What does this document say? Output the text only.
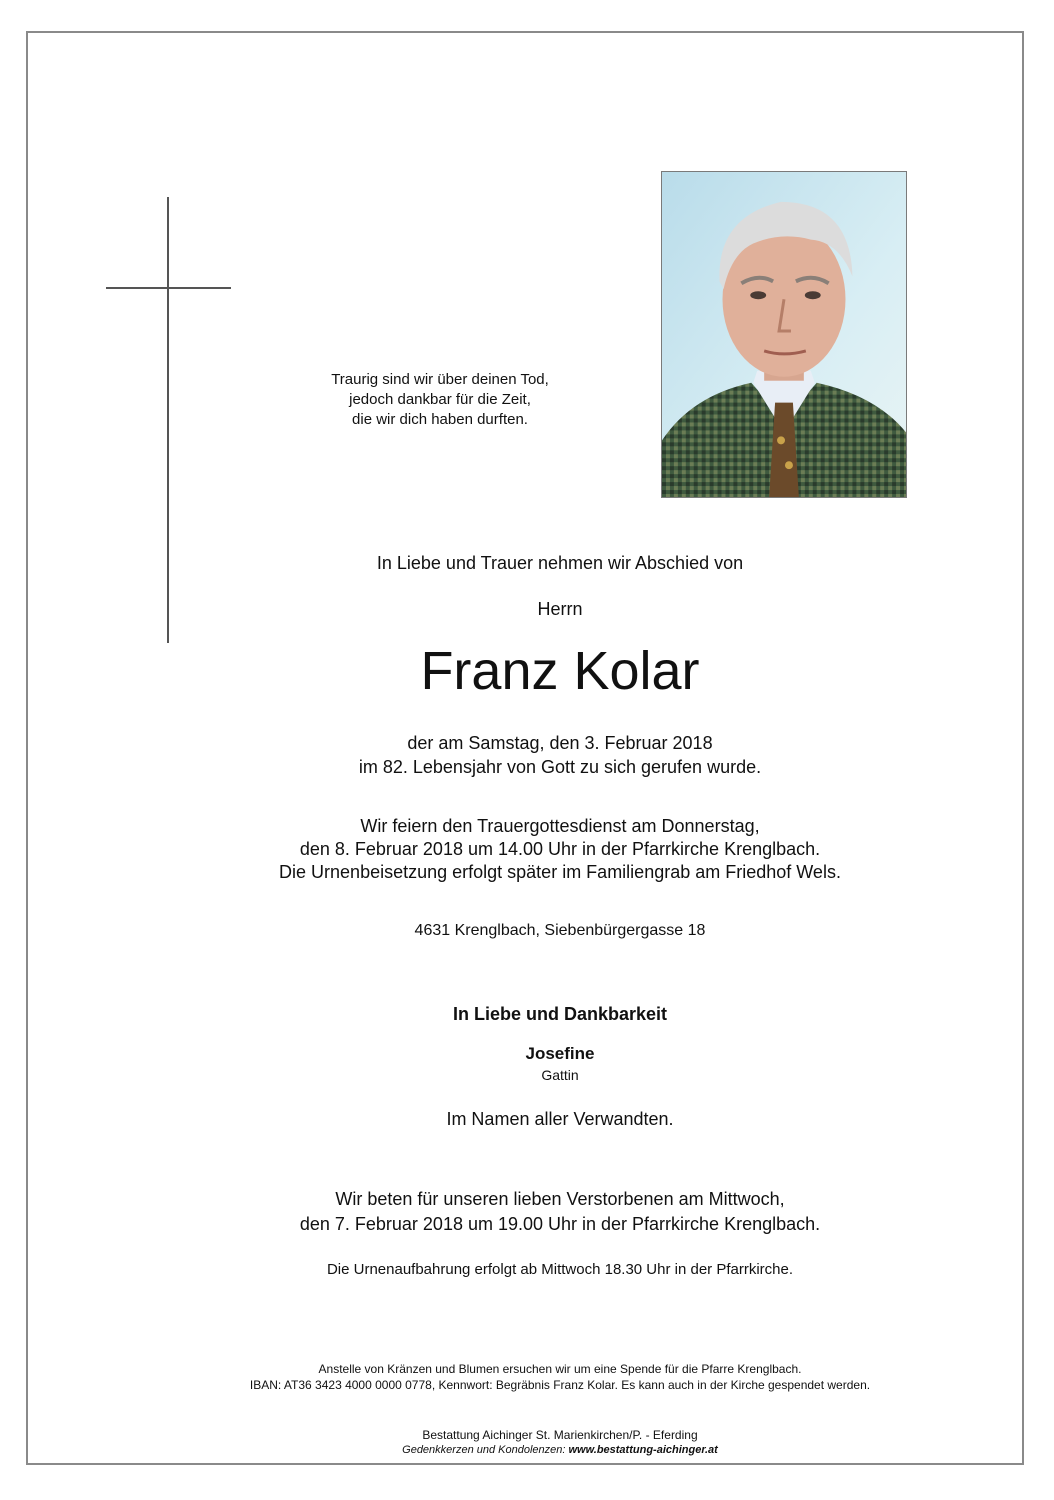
Traurig sind wir über deinen Tod,
jedoch dankbar für die Zeit,
die wir dich haben durften.
In Liebe und Trauer nehmen wir Abschied von
Herrn
Franz Kolar
der am Samstag, den 3. Februar 2018
im 82. Lebensjahr von Gott zu sich gerufen wurde.
Wir feiern den Trauergottesdienst am Donnerstag,
den 8. Februar 2018 um 14.00 Uhr in der Pfarrkirche Krenglbach.
Die Urnenbeisetzung erfolgt später im Familiengrab am Friedhof Wels.
4631 Krenglbach, Siebenbürgergasse 18
In Liebe und Dankbarkeit
Josefine
Gattin
Im Namen aller Verwandten.
Wir beten für unseren lieben Verstorbenen am Mittwoch,
den 7. Februar 2018 um 19.00 Uhr in der Pfarrkirche Krenglbach.
Die Urnenaufbahrung erfolgt ab Mittwoch 18.30 Uhr in der Pfarrkirche.
Anstelle von Kränzen und Blumen ersuchen wir um eine Spende für die Pfarre Krenglbach.
IBAN: AT36 3423 4000 0000 0778, Kennwort: Begräbnis Franz Kolar. Es kann auch in der Kirche gespendet werden.
Bestattung Aichinger St. Marienkirchen/P. - Eferding
Gedenkkerzen und Kondolenzen: www.bestattung-aichinger.at
